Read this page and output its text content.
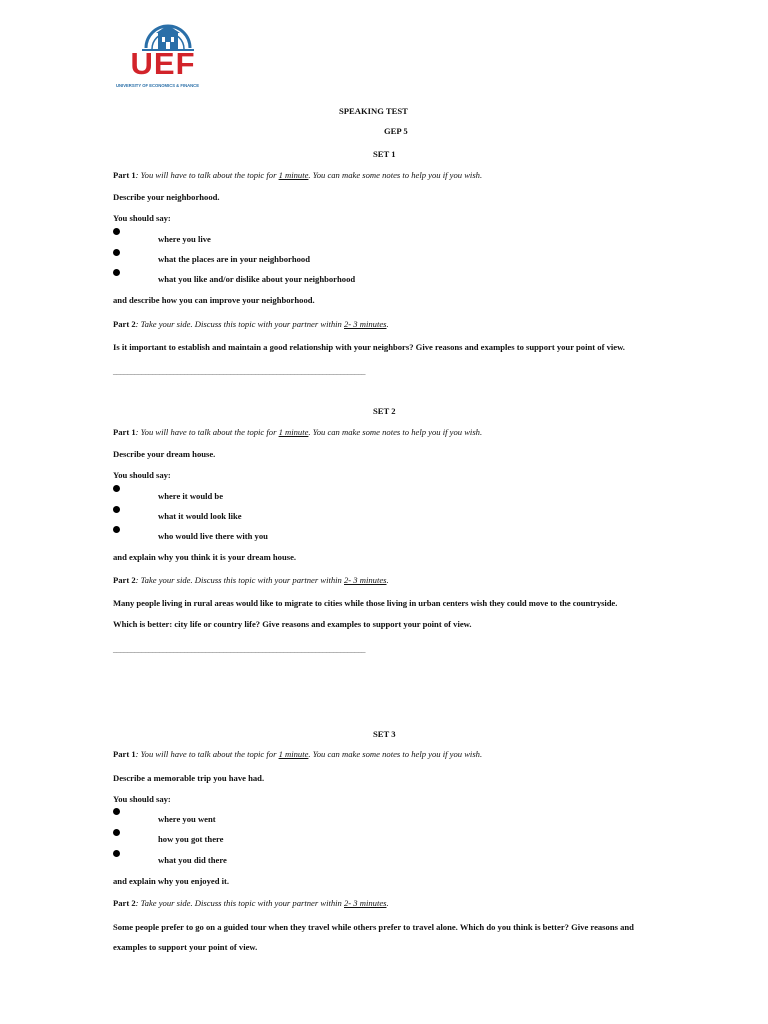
UEF
UNIVERSITY OF ECONOMICS & FINANCE
SPEAKING TEST
GEP 5
SET 1
Part 1: You will have to talk about the topic for 1 minute. You can make some notes to help you if you wish.
Describe your neighborhood.
You should say:
where you live
what the places are in your neighborhood
what you like and/or dislike about your neighborhood
and describe how you can improve your neighborhood.
Part 2: Take your side. Discuss this topic with your partner within 2- 3 minutes.
Is it important to establish and maintain a good relationship with your neighbors? Give reasons and examples to support your point of view.
_______________________________________________________________________
SET 2
Part 1: You will have to talk about the topic for 1 minute. You can make some notes to help you if you wish.
Describe your dream house.
You should say:
where it would be
what it would look like
who would live there with you
and explain why you think it is your dream house.
Part 2: Take your side. Discuss this topic with your partner within 2- 3 minutes.
Many people living in rural areas would like to migrate to cities while those living in urban centers wish they could move to the countryside.
Which is better: city life or country life? Give reasons and examples to support your point of view.
_______________________________________________________________________
SET 3
Part 1: You will have to talk about the topic for 1 minute. You can make some notes to help you if you wish.
Describe a memorable trip you have had.
You should say:
where you went
how you got there
what you did there
and explain why you enjoyed it.
Part 2: Take your side. Discuss this topic with your partner within 2- 3 minutes.
Some people prefer to go on a guided tour when they travel while others prefer to travel alone. Which do you think is better? Give reasons and
examples to support your point of view.
